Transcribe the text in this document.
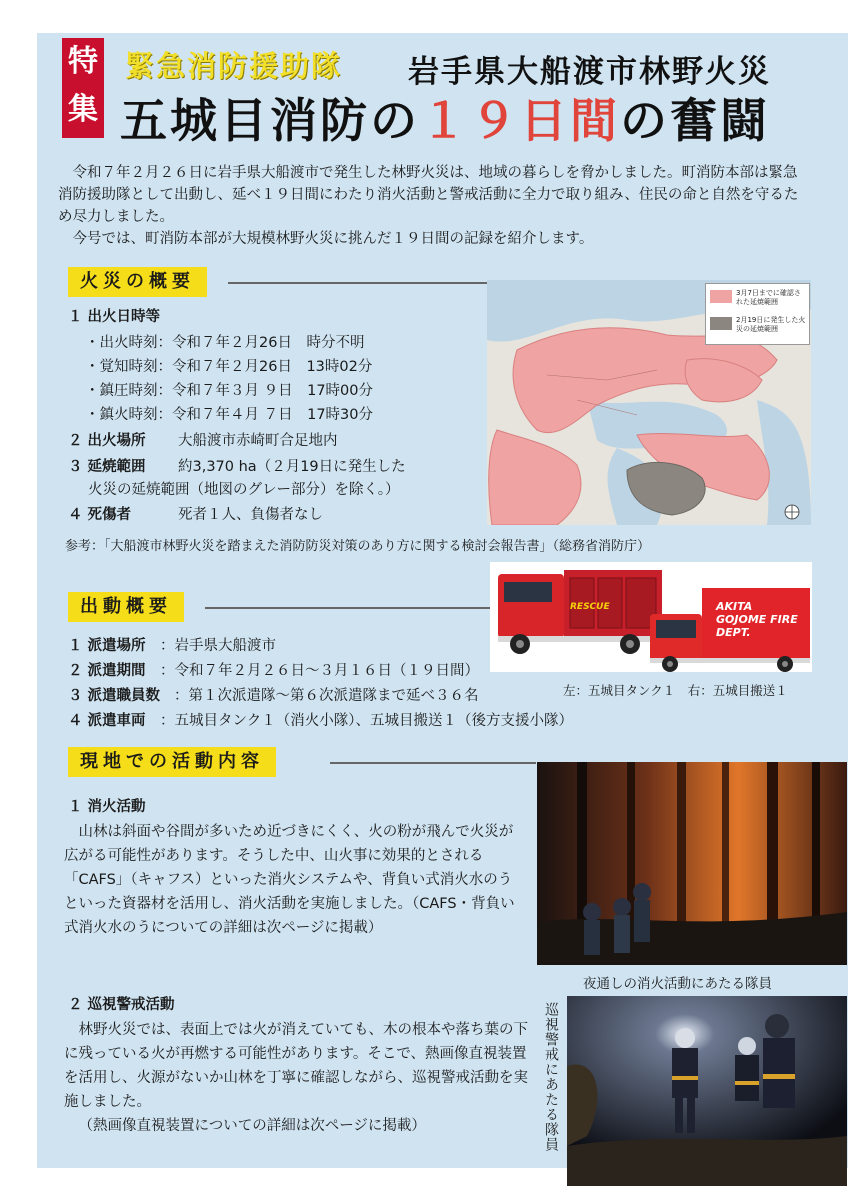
特集
緊急消防援助隊 岩手県大船渡市林野火災
五城目消防の１９日間の奮闘

令和７年２月２６日に岩手県大船渡市で発生した林野火災は、地域の暮らしを脅かしました。町消防本部は緊急消防援助隊として出動し、延べ１９日間にわたり消火活動と警戒活動に全力で取り組み、住民の命と自然を守るため尽力しました。

今号では、町消防本部が大規模林野火災に挑んだ１９日間の記録を紹介します。

火災の概要
１ 出火日時等
・出火時刻：令和７年２月26日　時分不明
・覚知時刻：令和７年２月26日　13時02分
・鎮圧時刻：令和７年３月 ９日　17時00分
・鎮火時刻：令和７年４月 ７日　17時30分
２ 出火場所 大船渡市赤崎町合足地内
３ 延焼範囲 約3,370 ha（２月19日に発生した
火災の延焼範囲（地図のグレー部分）を除く。）
４ 死傷者	死者１人、負傷者なし
3月7日までに確認された延焼範囲
2月19日に発生した火災の延焼範囲
参考：「大船渡市林野火災を踏まえた消防防災対策のあり方に関する検討会報告書」（総務省消防庁）
出動概要	RESCUE	AKITA GOJOME FIRE DEPT.
１ 派遣場所 ：岩手県大船渡市
２ 派遣期間 ：令和７年２月２６日～３月１６日（１９日間）
３ 派遣職員数 ：第１次派遣隊～第６次派遣隊まで延べ３６名
４ 派遣車両 ：五城目タンク１（消火小隊）、五城目搬送１（後方支援小隊）
左：五城目タンク１　右：五城目搬送１
現地での活動内容
１ 消火活動

山林は斜面や谷間が多いため近づきにくく、火の粉が飛んで火災が広がる可能性があります。そうした中、山火事に効果的とされる「CAFS」（キャフス）といった消火システムや、背負い式消火水のうといった資器材を活用し、消火活動を実施しました。（CAFS・背負い式消火水のうについての詳細は次ページに掲載）

夜通しの消火活動にあたる隊員
２ 巡視警戒活動

林野火災では、表面上では火が消えていても、木の根本や落ち葉の下に残っている火が再燃する可能性があります。そこで、熱画像直視装置を活用し、火源がないか山林を丁寧に確認しながら、巡視警戒活動を実施しました。

（熱画像直視装置についての詳細は次ページに掲載）	巡視警戒にあたる隊員
